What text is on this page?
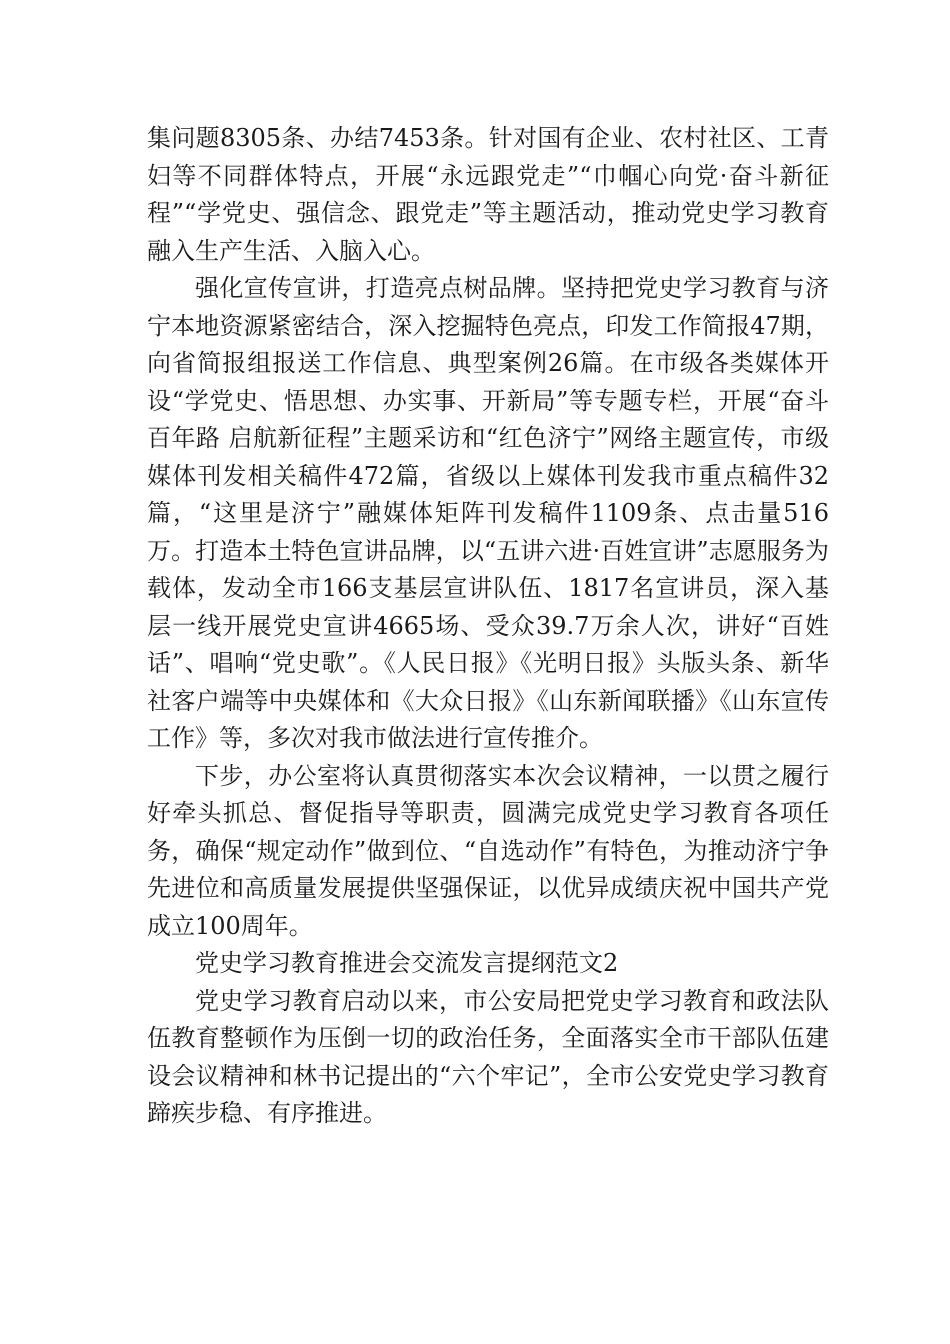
集问题8305条、办结7453条。针对国有企业、农村社区、工青妇等不同群体特点，开展“永远跟党走”“巾帼心向党·奋斗新征程”“学党史、强信念、跟党走”等主题活动，推动党史学习教育融入生产生活、入脑入心。

强化宣传宣讲，打造亮点树品牌。坚持把党史学习教育与济宁本地资源紧密结合，深入挖掘特色亮点，印发工作简报47期，向省简报组报送工作信息、典型案例26篇。在市级各类媒体开设“学党史、悟思想、办实事、开新局”等专题专栏，开展“奋斗百年路 启航新征程”主题采访和“红色济宁”网络主题宣传，市级媒体刊发相关稿件472篇，省级以上媒体刊发我市重点稿件32篇，“这里是济宁”融媒体矩阵刊发稿件1109条、点击量516万。打造本土特色宣讲品牌，以“五讲六进·百姓宣讲”志愿服务为载体，发动全市166支基层宣讲队伍、1817名宣讲员，深入基层一线开展党史宣讲4665场、受众39.7万余人次，讲好“百姓话”、唱响“党史歌”。《人民日报》《光明日报》头版头条、新华社客户端等中央媒体和《大众日报》《山东新闻联播》《山东宣传工作》等，多次对我市做法进行宣传推介。

下步，办公室将认真贯彻落实本次会议精神，一以贯之履行好牵头抓总、督促指导等职责，圆满完成党史学习教育各项任务，确保“规定动作”做到位、“自选动作”有特色，为推动济宁争先进位和高质量发展提供坚强保证，以优异成绩庆祝中国共产党成立100周年。

党史学习教育推进会交流发言提纲范文2

党史学习教育启动以来，市公安局把党史学习教育和政法队伍教育整顿作为压倒一切的政治任务，全面落实全市干部队伍建设会议精神和林书记提出的“六个牢记”，全市公安党史学习教育蹄疾步稳、有序推进。
